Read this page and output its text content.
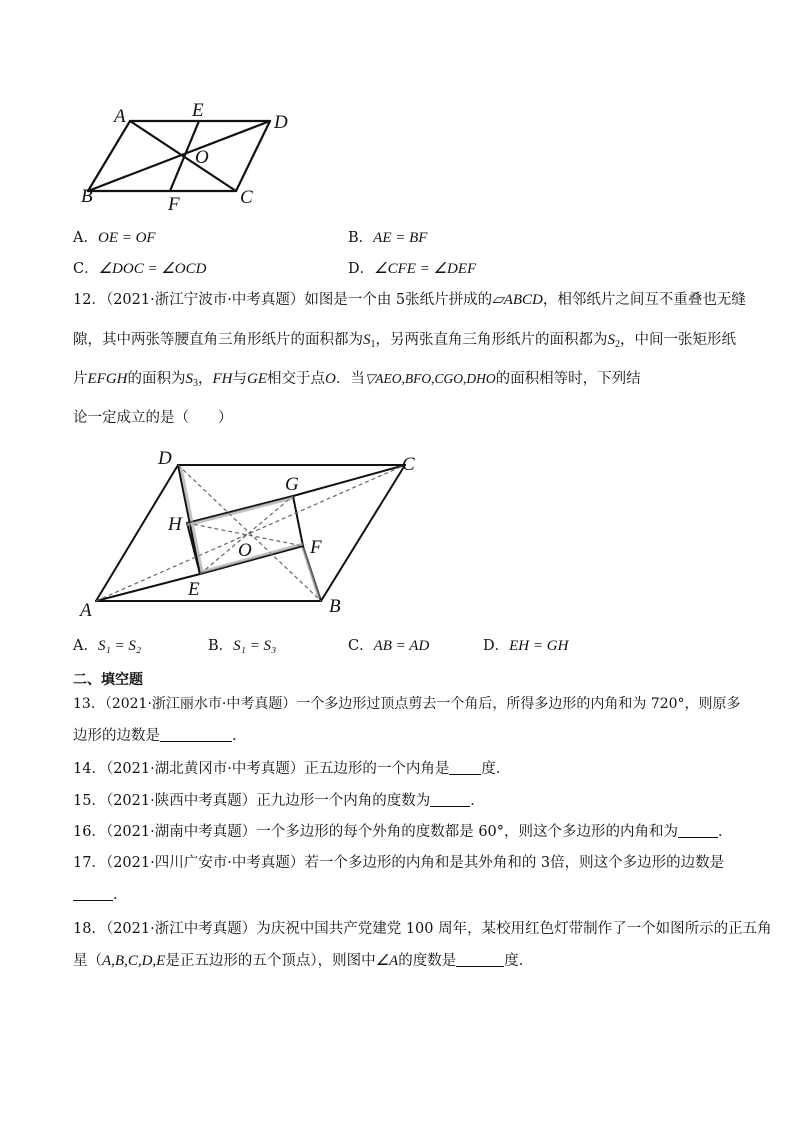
A	E
D
O
B	F	C
A．OE = OF	B．AE = BF
C．∠DOC = ∠OCD	D．∠CFE = ∠DEF
12．（2021·浙江宁波市·中考真题）如图是一个由 5张纸片拼成的▱ABCD，相邻纸片之间互不重叠也无缝
隙，其中两张等腰直角三角形纸片的面积都为$S_1$，另两张直角三角形纸片的面积都为$S_2$，中间一张矩形纸
片EFGH的面积为$S_3$，FH与GE相交于点O．当▽AEO,BFO,CGO,DHO的面积相等时，下列结
论一定成立的是（　　）
D	C
G
H
O	F
E
A	B
A．S₁ = S₂	B．S₁ = S₃	C．AB = AD	D．EH = GH
二、填空题
13．（2021·浙江丽水市·中考真题）一个多边形过顶点剪去一个角后，所得多边形的内角和为 720°，则原多
边形的边数是	．
14．（2021·湖北黄冈市·中考真题）正五边形的一个内角是 度．
15．（2021·陕西中考真题）正九边形一个内角的度数为	．
16．（2021·湖南中考真题）一个多边形的每个外角的度数都是 60°，则这个多边形的内角和为	．
17．（2021·四川广安市·中考真题）若一个多边形的内角和是其外角和的 3倍，则这个多边形的边数是
．
18．（2021·浙江中考真题）为庆祝中国共产党建党 100 周年，某校用红色灯带制作了一个如图所示的正五角
星（A,B,C,D,E是正五边形的五个顶点），则图中∠A的度数是	度．
